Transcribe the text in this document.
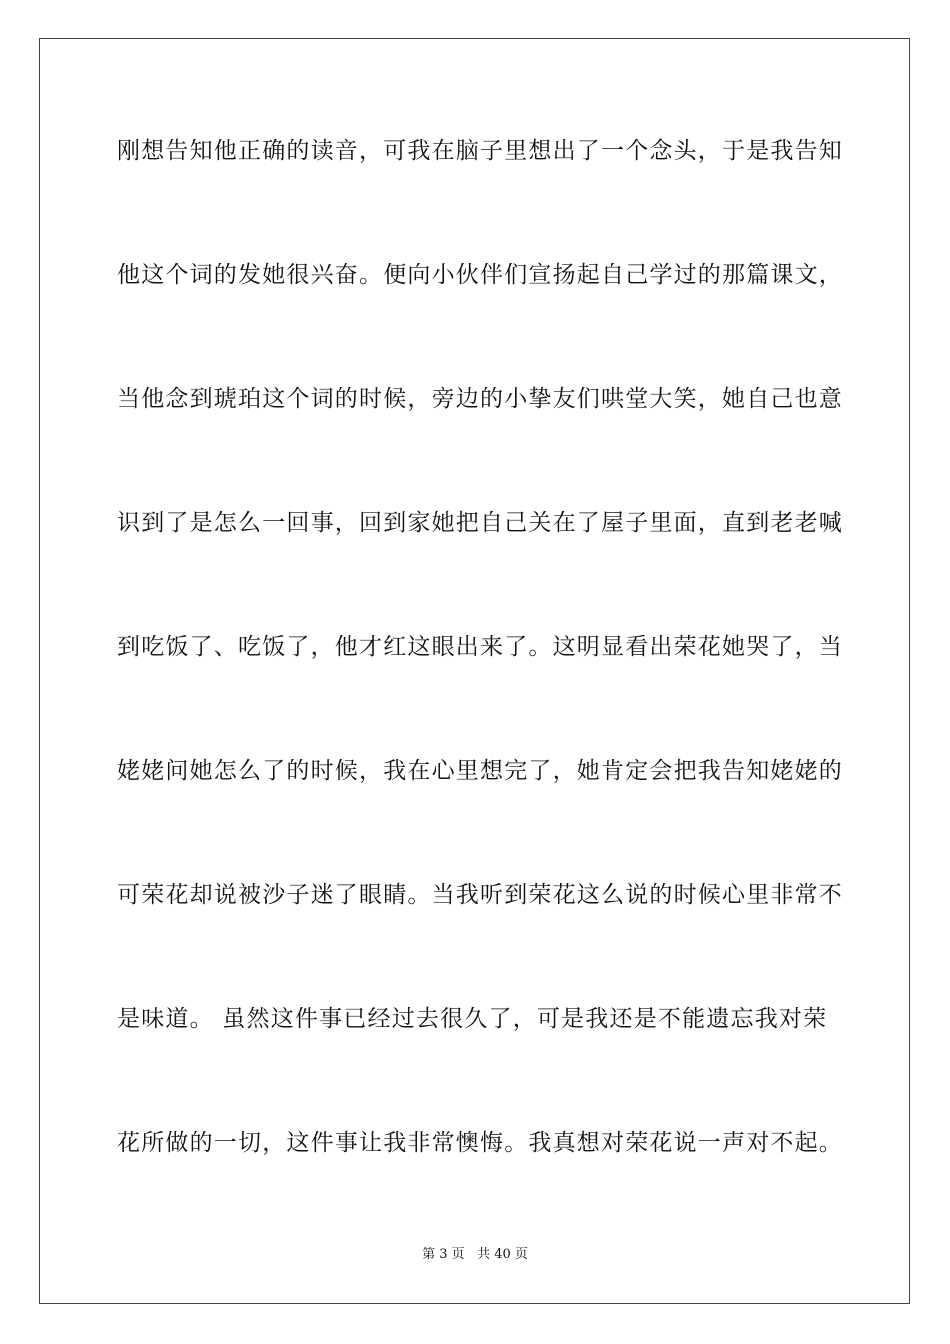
刚想告知他正确的读音，可我在脑子里想出了一个念头，于是我告知
他这个词的发她很兴奋。便向小伙伴们宣扬起自己学过的那篇课文，
当他念到琥珀这个词的时候，旁边的小挚友们哄堂大笑，她自己也意
识到了是怎么一回事，回到家她把自己关在了屋子里面，直到老老喊
到吃饭了、吃饭了，他才红这眼出来了。这明显看出荣花她哭了，当
姥姥问她怎么了的时候，我在心里想完了，她肯定会把我告知姥姥的
可荣花却说被沙子迷了眼睛。当我听到荣花这么说的时候心里非常不
是味道。 虽然这件事已经过去很久了，可是我还是不能遗忘我对荣
花所做的一切，这件事让我非常懊悔。我真想对荣花说一声对不起。
第 3 页 共 40 页
